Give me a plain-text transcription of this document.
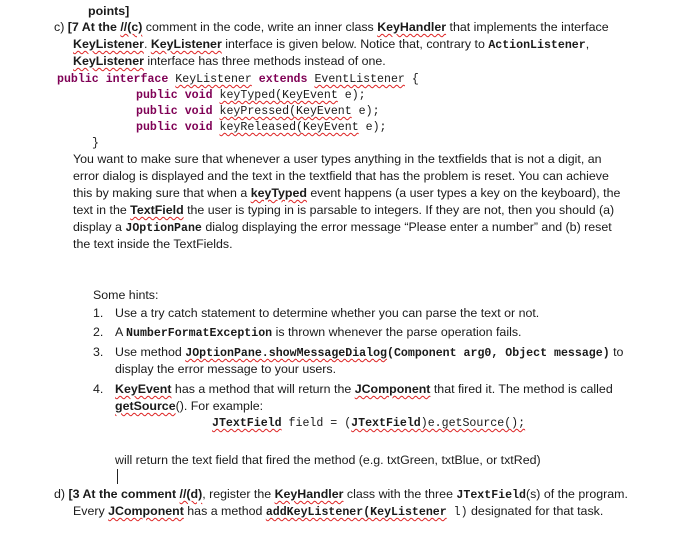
points]
c) [7 At the //(c) comment in the code, write an inner class KeyHandler that implements the interface
KeyListener. KeyListener interface is given below. Notice that, contrary to ActionListener,
KeyListener interface has three methods instead of one.
public interface KeyListener extends EventListener {
public void keyTyped(KeyEvent e);
public void keyPressed(KeyEvent e);
public void keyReleased(KeyEvent e);
}
You want to make sure that whenever a user types anything in the textfields that is not a digit, an
error dialog is displayed and the text in the textfield that has the problem is reset. You can achieve
this by making sure that when a keyTyped event happens (a user types a key on the keyboard), the
text in the TextField the user is typing in is parsable to integers. If they are not, then you should (a)
display a JOptionPane dialog displaying the error message “Please enter a number” and (b) reset
the text inside the TextFields.
Some hints:
1. Use a try catch statement to determine whether you can parse the text or not.
2. A NumberFormatException is thrown whenever the parse operation fails.
3. Use method JOptionPane.showMessageDialog(Component arg0, Object message) to
display the error message to your users.
4. KeyEvent has a method that will return the JComponent that fired it. The method is called
getSource(). For example:
JTextField field = (JTextField)e.getSource();
will return the text field that fired the method (e.g. txtGreen, txtBlue, or txtRed)
d) [3 At the comment //(d), register the KeyHandler class with the three JTextField(s) of the program.
Every JComponent has a method addKeyListener(KeyListener l) designated for that task.
